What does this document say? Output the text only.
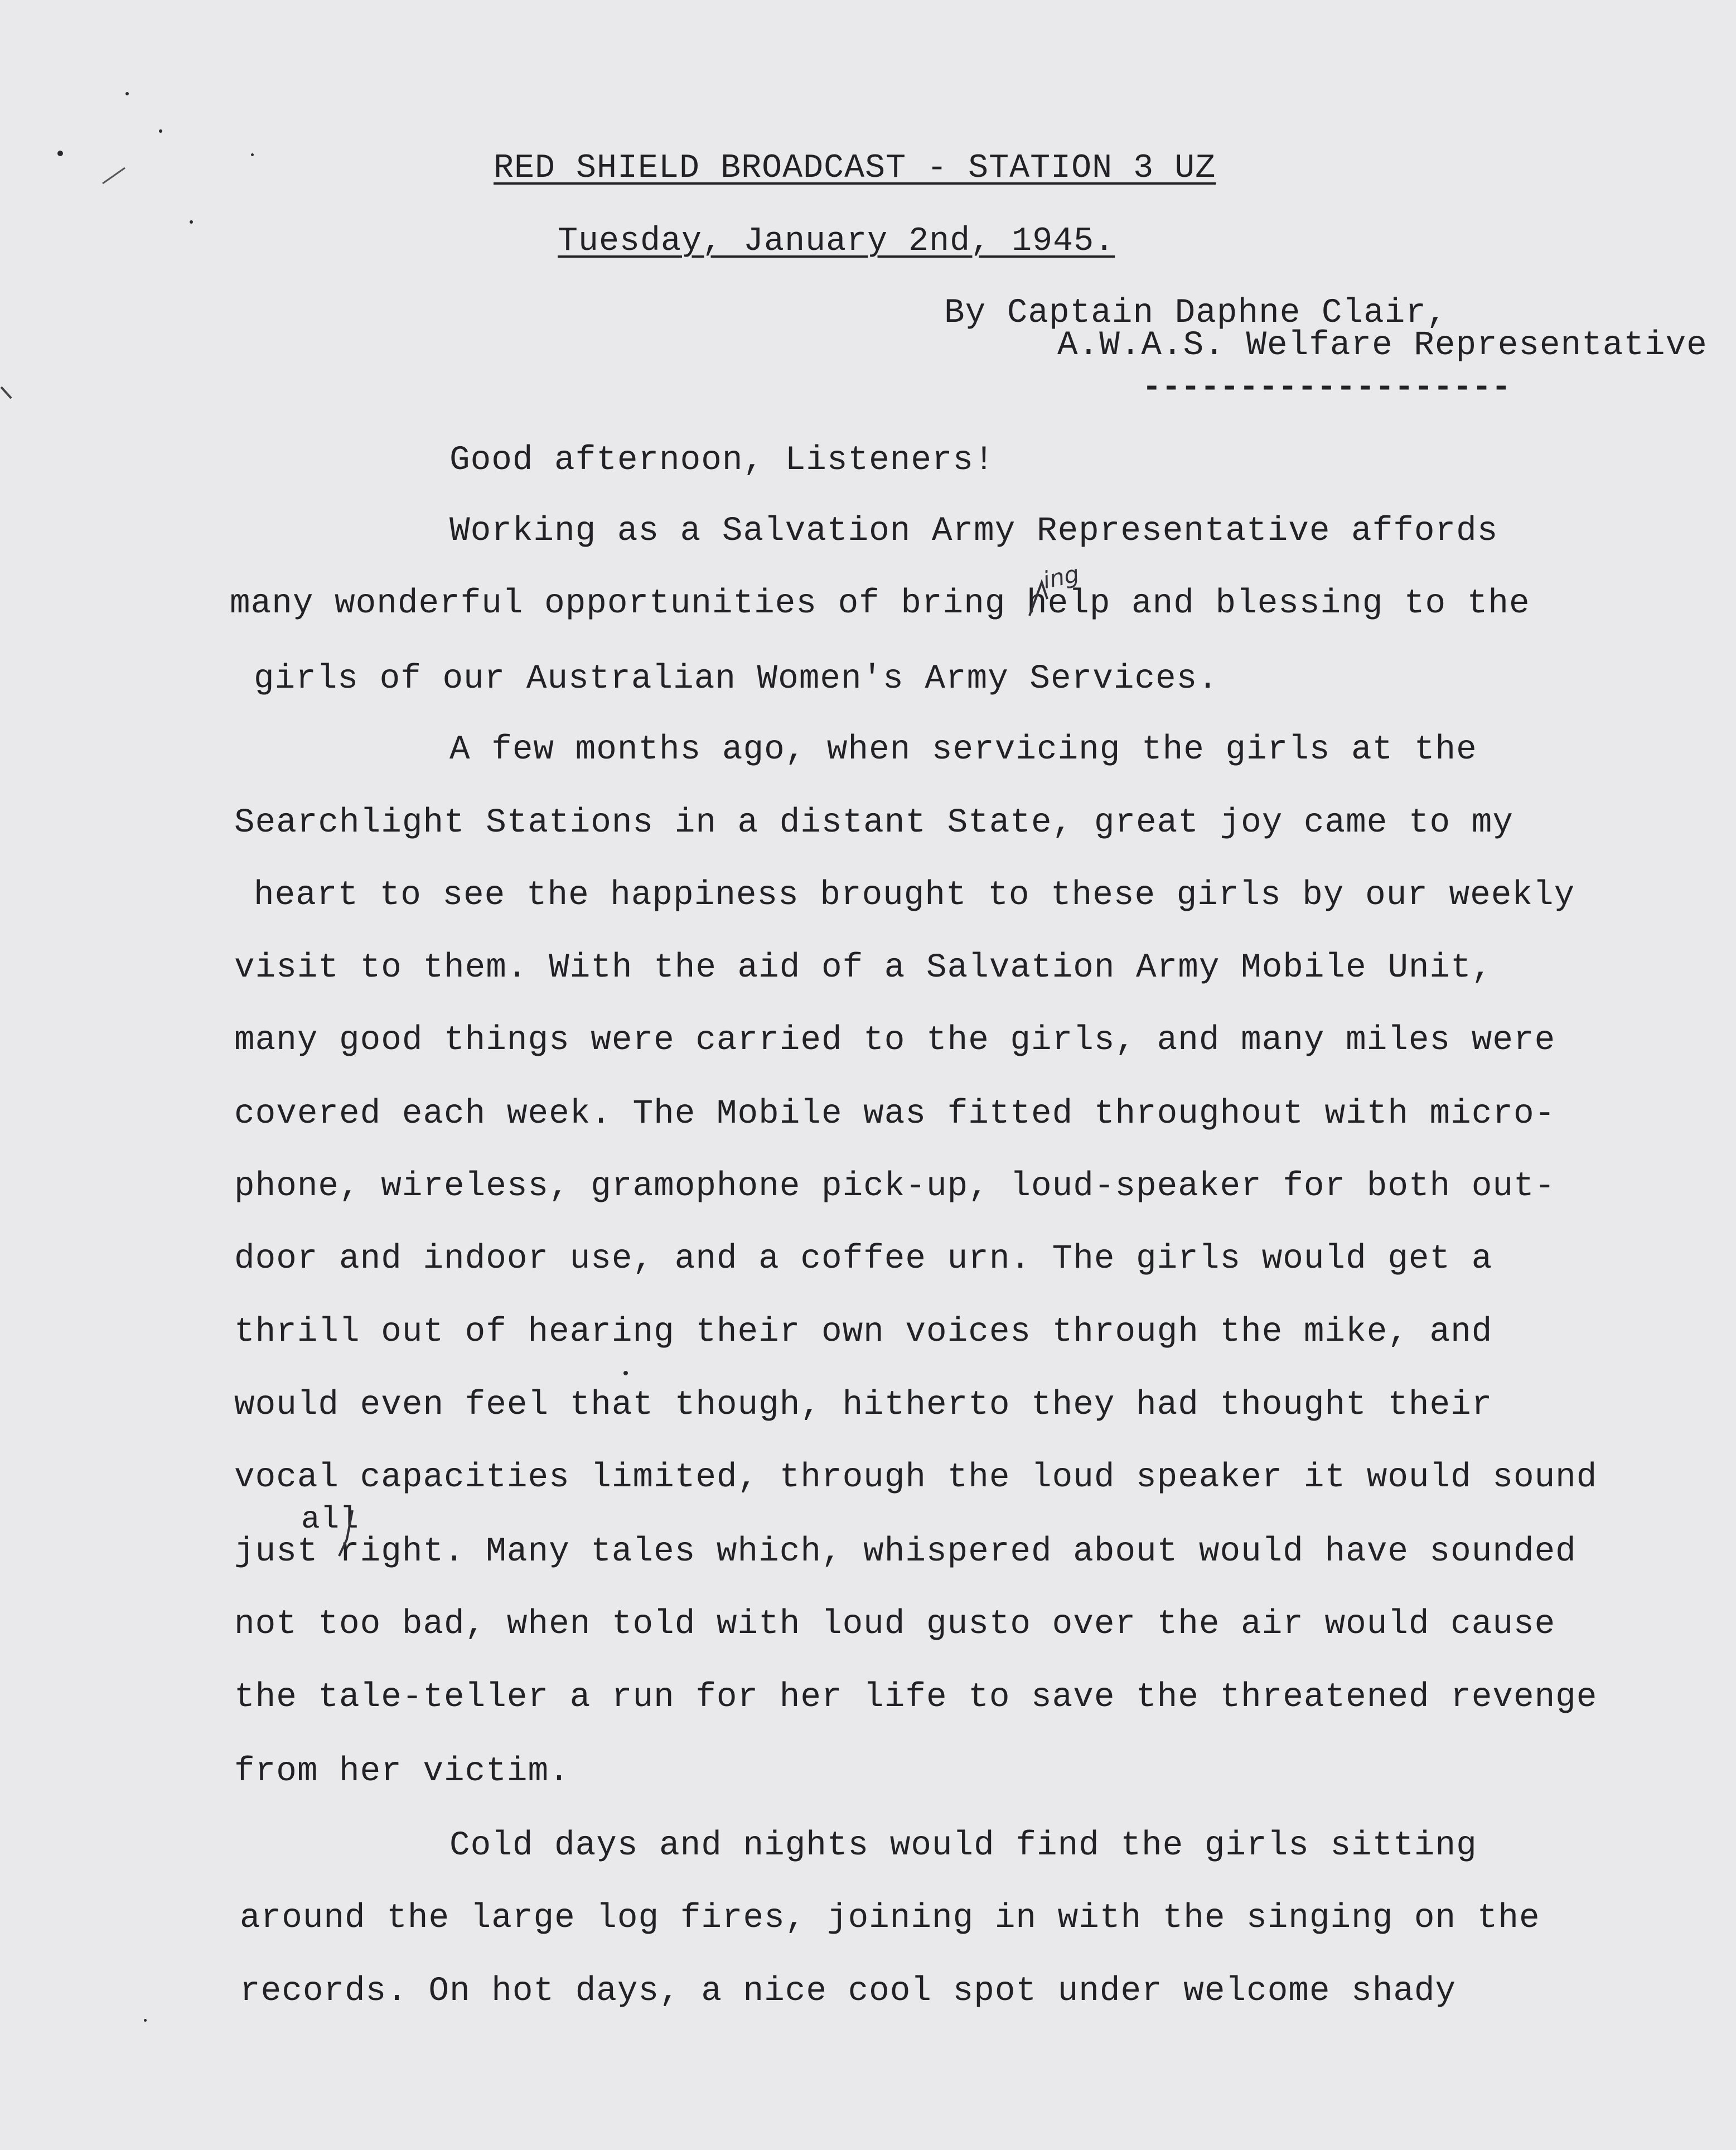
RED SHIELD BROADCAST - STATION 3 UZ
Tuesday, January 2nd, 1945.
By Captain Daphne Clair,
A.W.A.S. Welfare Representative
-------------------
Good afternoon, Listeners!
Working as a Salvation Army Representative affords
many wonderful opportunities of bring help and blessing to the
girls of our Australian Women's Army Services.
A few months ago, when servicing the girls at the
Searchlight Stations in a distant State, great joy came to my
heart to see the happiness brought to these girls by our weekly
visit to them. With the aid of a Salvation Army Mobile Unit,
many good things were carried to the girls, and many miles were
covered each week. The Mobile was fitted throughout with micro-
phone, wireless, gramophone pick-up, loud-speaker for both out-
door and indoor use, and a coffee urn. The girls would get a
thrill out of hearing their own voices through the mike, and
would even feel that though, hitherto they had thought their
vocal capacities limited, through the loud speaker it would sound
just right. Many tales which, whispered about would have sounded
not too bad, when told with loud gusto over the air would cause
the tale-teller a run for her life to save the threatened revenge
from her victim.
Cold days and nights would find the girls sitting
around the large log fires, joining in with the singing on the
records. On hot days, a nice cool spot under welcome shady
ing
all
